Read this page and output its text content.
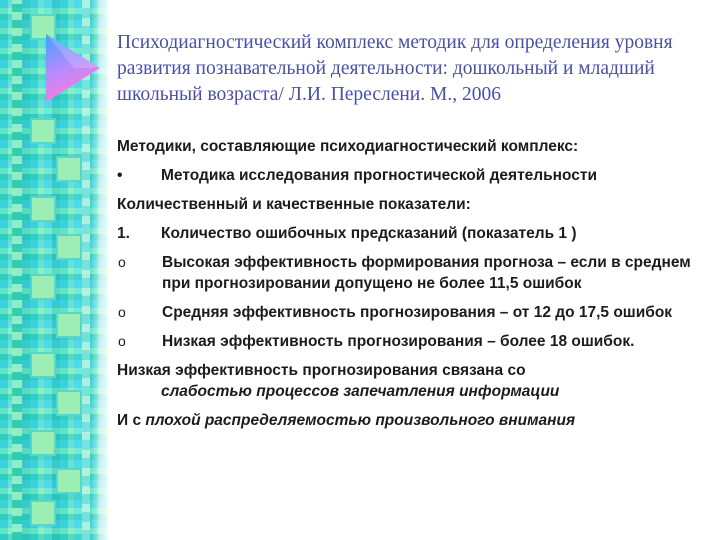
Психодиагностический комплекс методик для определения уровня развития познавательной деятельности: дошкольный и младший школьный возраста/ Л.И. Переслени. М., 2006
Методики, составляющие психодиагностический комплекс:
•	Методика исследования прогностической деятельности
Количественный и качественные показатели:
1.	Количество ошибочных предсказаний (показатель 1 )
o	Высокая эффективность формирования прогноза – если в среднем при прогнозировании допущено не более 11,5 ошибок
o	Средняя эффективность прогнозирования – от 12 до 17,5 ошибок
o	Низкая эффективность прогнозирования – более 18 ошибок.
Низкая эффективность прогнозирования связана со
слабостью процессов запечатления информации
И с плохой распределяемостью произвольного внимания
